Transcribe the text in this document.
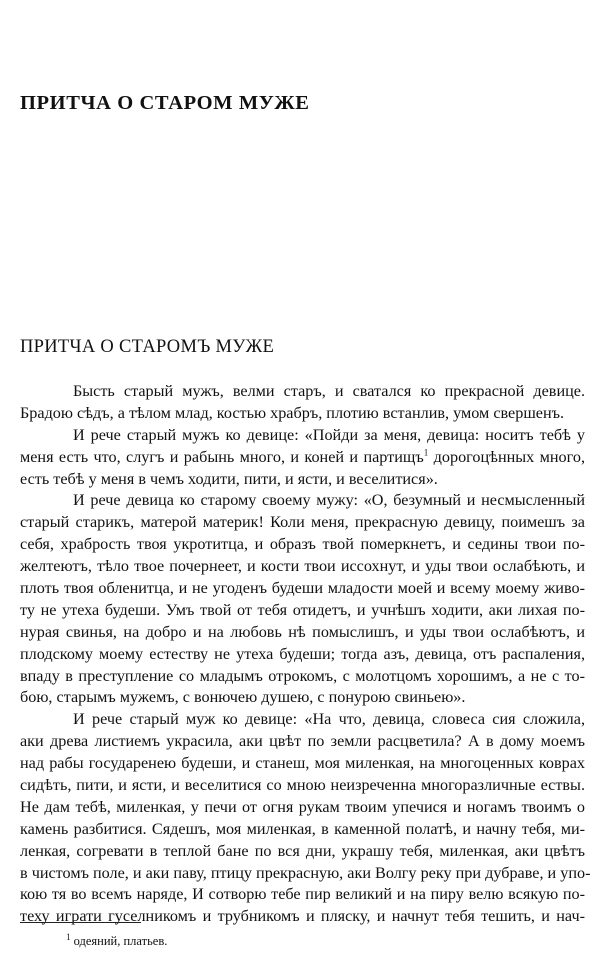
ПРИТЧА О СТАРОМ МУЖЕ
ПРИТЧА О СТАРОМЪ МУЖЕ
Бысть старый мужъ, велми старъ, и сватался ко прекрасной девице.
Брадою сѣдъ, а тѣлом млад, костью храбръ, плотию встанлив, умом свершенъ.
И рече старый мужъ ко девице: «Пойди за меня, девица: носитъ тебѣ у
меня есть что, слугъ и рабынь много, и коней и партищъ$^1$ дорогоцѣнных много,
есть тебѣ у меня в чемъ ходити, пити, и ясти, и веселитися».
И рече девица ко старому своему мужу: «О, безумный и несмысленный
старый старикъ, матерой материк! Коли меня, прекрасную девицу, поимешъ за
себя, храбрость твоя укротитца, и образъ твой померкнетъ, и седины твои по-
желтеютъ, тѣло твое почернеет, и кости твои иссохнут, и уды твои ослабѣють, и
плоть твоя обленитца, и не угоденъ будеши младости моей и всему моему живо-
ту не утеха будеши. Умъ твой от тебя отидетъ, и учнѣшъ ходити, аки лихая по-
нурая свинья, на добро и на любовь нѣ помыслишъ, и уды твои ослабѣютъ, и
плодскому моему естеству не утеха будеши; тогда азъ, девица, отъ распаления,
впаду в преступление со младымъ отрокомъ, с молотцомъ хорошимъ, а не с то-
бою, старымъ мужемъ, с вонючею душею, с понурою свиньею».
И рече старый муж ко девице: «На что, девица, словеса сия сложила,
аки древа листиемъ украсила, аки цвѣт по земли расцветила? А в дому моемъ
над рабы государенею будеши, и станеш, моя миленкая, на многоценных коврах
сидѣть, пити, и ясти, и веселитися со мною неизреченна многоразличные ествы.
Не дам тебѣ, миленкая, у печи от огня рукам твоим упечися и ногамъ твоимъ о
камень разбитися. Сядешъ, моя миленкая, в каменной полатѣ, и начну тебя, ми-
ленкая, согревати в теплой бане по вся дни, украшу тебя, миленкая, аки цвѣтъ
в чистомъ поле, и аки паву, птицу прекрасную, аки Волгу реку при дубраве, и упо-
кою тя во всемъ наряде, И сотворю тебе пир великий и на пиру велю всякую по-
теху играти гуселникомъ и трубникомъ и пляску, и начнут тебя тешить, и нач-
$^1$ одеяний, платьев.
